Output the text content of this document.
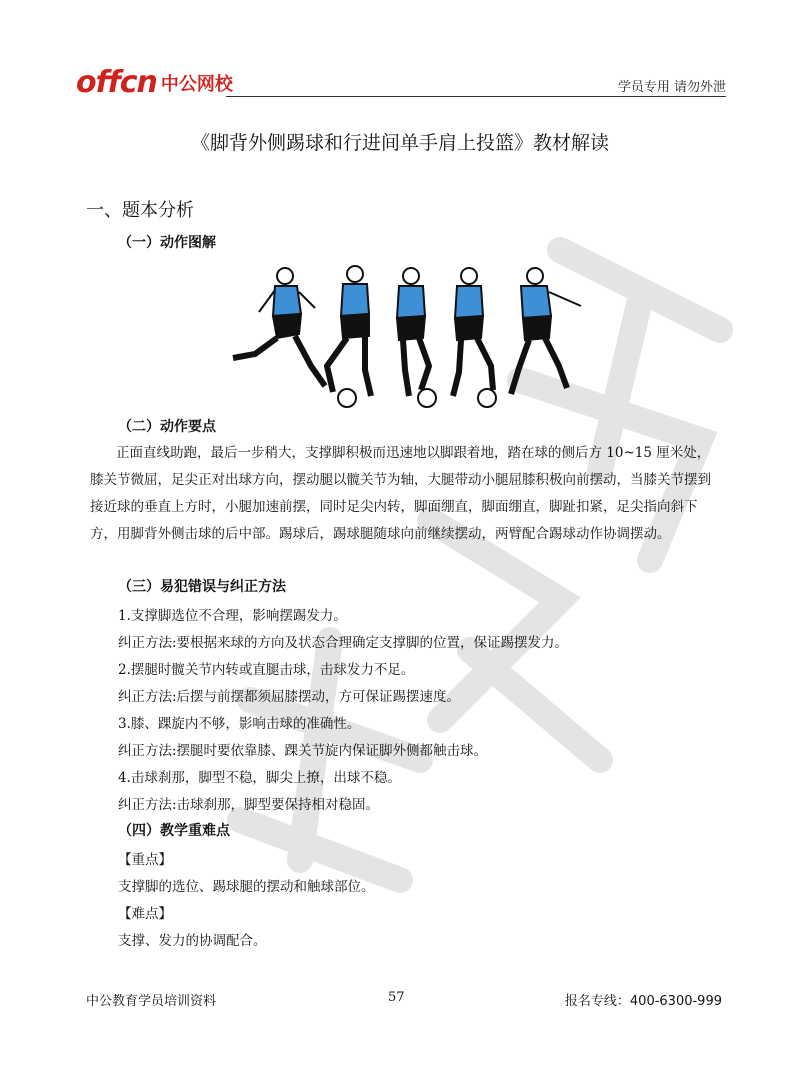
offcn 中公网校	学员专用 请勿外泄
《脚背外侧踢球和行进间单手肩上投篮》教材解读
一、题本分析
（一）动作图解
（二）动作要点
正面直线助跑，最后一步稍大，支撑脚积极而迅速地以脚跟着地，踏在球的侧后方 10~15 厘米处，膝关节微屈，足尖正对出球方向，摆动腿以髋关节为轴，大腿带动小腿屈膝积极向前摆动，当膝关节摆到接近球的垂直上方时，小腿加速前摆，同时足尖内转，脚面绷直，脚面绷直，脚趾扣紧，足尖指向斜下方，用脚背外侧击球的后中部。踢球后，踢球腿随球向前继续摆动，两臂配合踢球动作协调摆动。
（三）易犯错误与纠正方法
1.支撑脚选位不合理，影响摆踢发力。
纠正方法:要根据来球的方向及状态合理确定支撑脚的位置，保证踢摆发力。
2.摆腿时髋关节内转或直腿击球，击球发力不足。
纠正方法:后摆与前摆都须屈膝摆动，方可保证踢摆速度。
3.膝、踝旋内不够，影响击球的准确性。
纠正方法:摆腿时要依靠膝、踝关节旋内保证脚外侧都触击球。
4.击球刹那，脚型不稳，脚尖上撩，出球不稳。
纠正方法:击球刹那，脚型要保持相对稳固。
（四）教学重难点
【重点】
支撑脚的选位、踢球腿的摆动和触球部位。
【难点】
支撑、发力的协调配合。
中公教育学员培训资料	57	报名专线：400-6300-999
